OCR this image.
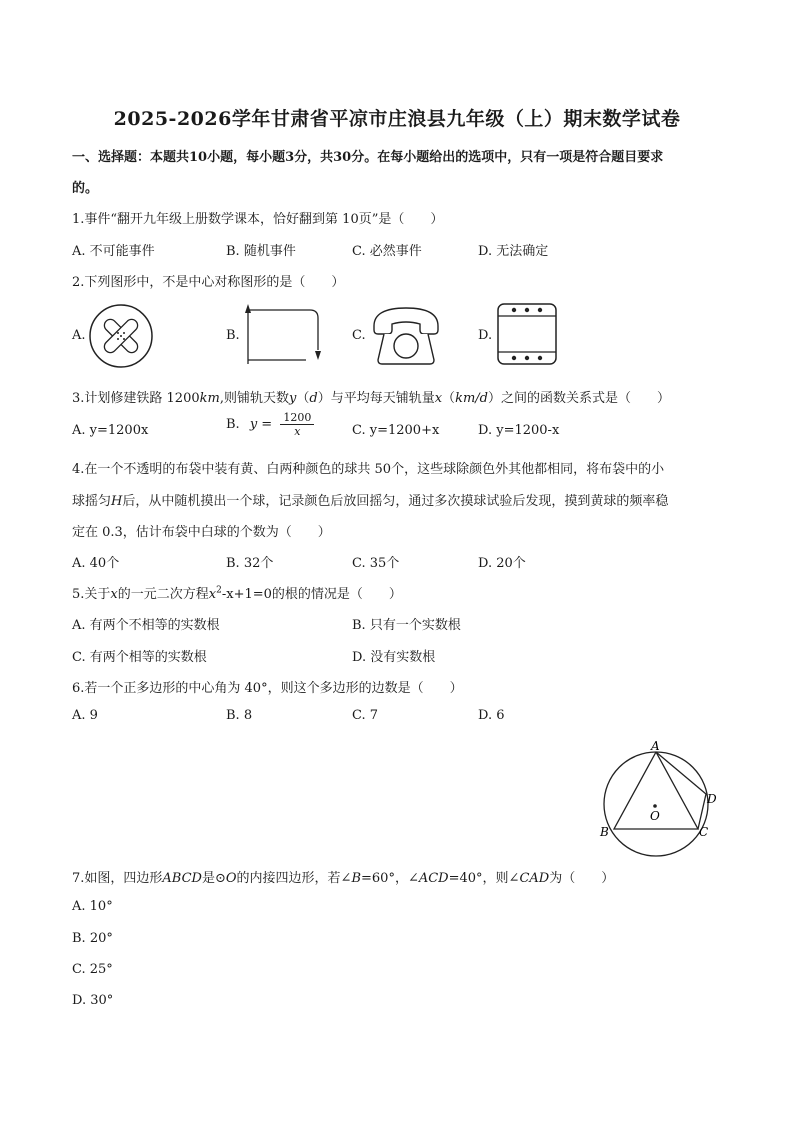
2025-2026学年甘肃省平凉市庄浪县九年级（上）期末数学试卷
一、选择题：本题共10小题，每小题3分，共30分。在每小题给出的选项中，只有一项是符合题目要求
的。
1.事件“翻开九年级上册数学课本，恰好翻到第 10页”是（　　）
A. 不可能事件	B. 随机事件	C. 必然事件	D. 无法确定
2.下列图形中，不是中心对称图形的是（　　）
A.	B.	C.	D.
3.计划修建铁路 1200km,则铺轨天数y（d）与平均每天铺轨量x（km/d）之间的函数关系式是（　　）
A. y=1200x	B. $y = \frac{1200}{x}$	C. y=1200+x	D. y=1200-x
4.在一个不透明的布袋中装有黄、白两种颜色的球共 50个，这些球除颜色外其他都相同，将布袋中的小
球摇匀H后，从中随机摸出一个球，记录颜色后放回摇匀，通过多次摸球试验后发现，摸到黄球的频率稳
定在 0.3，估计布袋中白球的个数为（　　）
A. 40个	B. 32个	C. 35个	D. 20个
5.关于x的一元二次方程$x^2-x+1=0$的根的情况是（　　）
A. 有两个不相等的实数根	B. 只有一个实数根
C. 有两个相等的实数根	D. 没有实数根
6.若一个正多边形的中心角为 40°，则这个多边形的边数是（　　）
A. 9	B. 8	C. 7	D. 6
A
B	C
D
O
7.如图，四边形ABCD是⊙O的内接四边形，若∠B=60°，∠ACD=40°，则∠CAD为（　　）
A. 10°
B. 20°
C. 25°
D. 30°
